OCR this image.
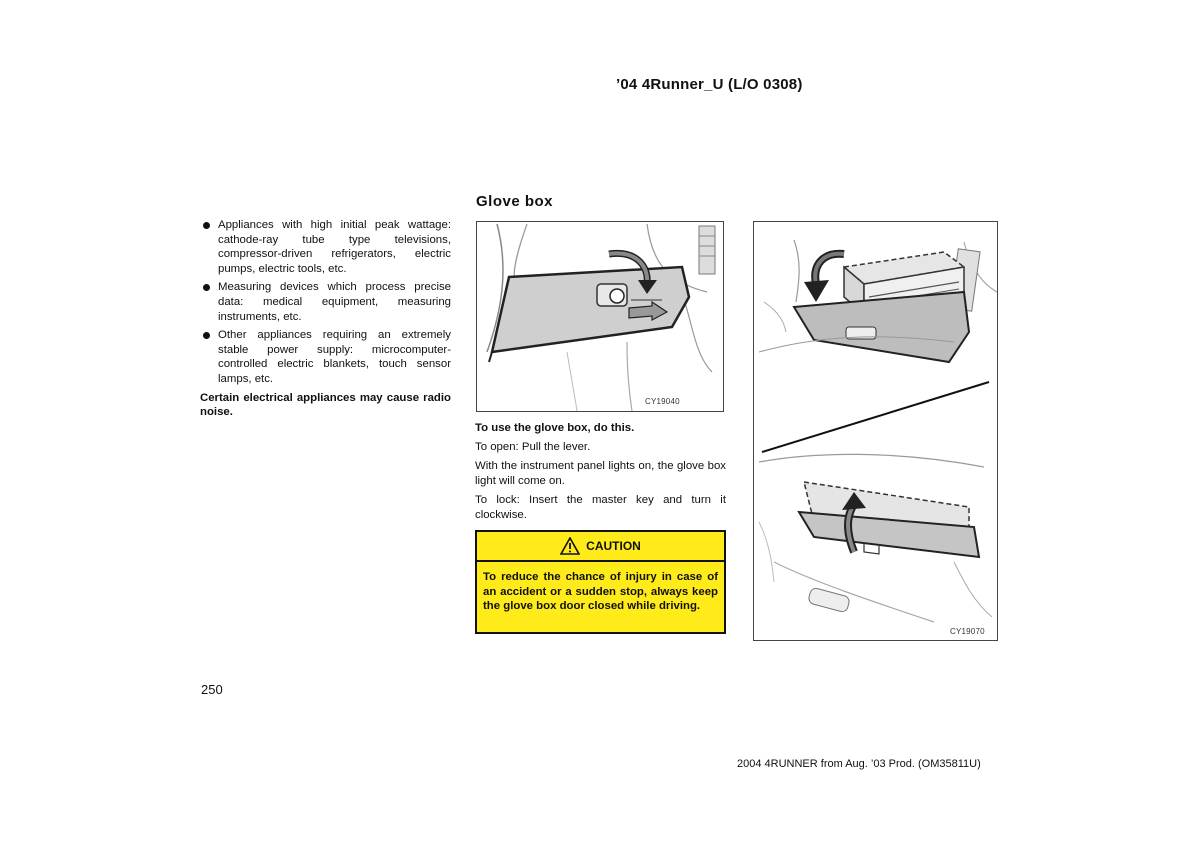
’04 4Runner_U (L/O 0308)
Glove box
Appliances with high initial peak wattage: cathode-ray tube type televisions, compressor-driven refrigerators, electric pumps, electric tools, etc.
Measuring devices which process precise data: medical equipment, measuring instruments, etc.
Other appliances requiring an extremely stable power supply: microcomputer-controlled electric blankets, touch sensor lamps, etc.
Certain electrical appliances may cause radio noise.
CY19040
CY19070

To use the glove box, do this.

To open: Pull the lever.

With the instrument panel lights on, the glove box light will come on.

To lock: Insert the master key and turn it clockwise.

CAUTION
To reduce the chance of injury in case of an accident or a sudden stop, always keep the glove box door closed while driving.
250
2004 4RUNNER from Aug. ’03 Prod. (OM35811U)
